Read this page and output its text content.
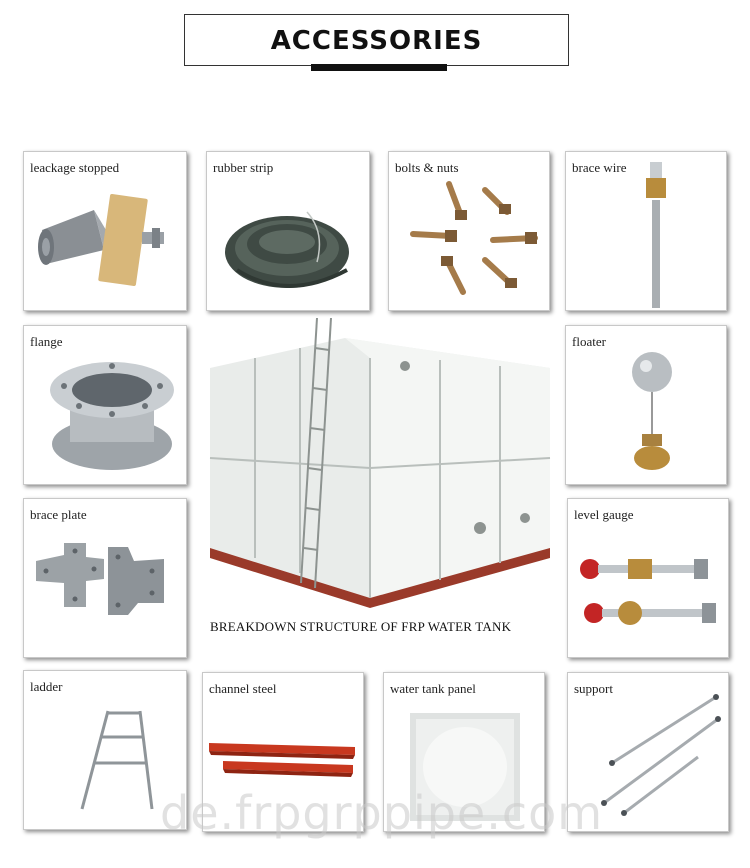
ACCESSORIES
leackage stopped	rubber strip	bolts & nuts	brace wire
flange
BREAKDOWN STRUCTURE OF FRP WATER TANK
floater
brace plate	level gauge
ladder	channel steel	water tank panel	support
de.frpgrppipe.com
